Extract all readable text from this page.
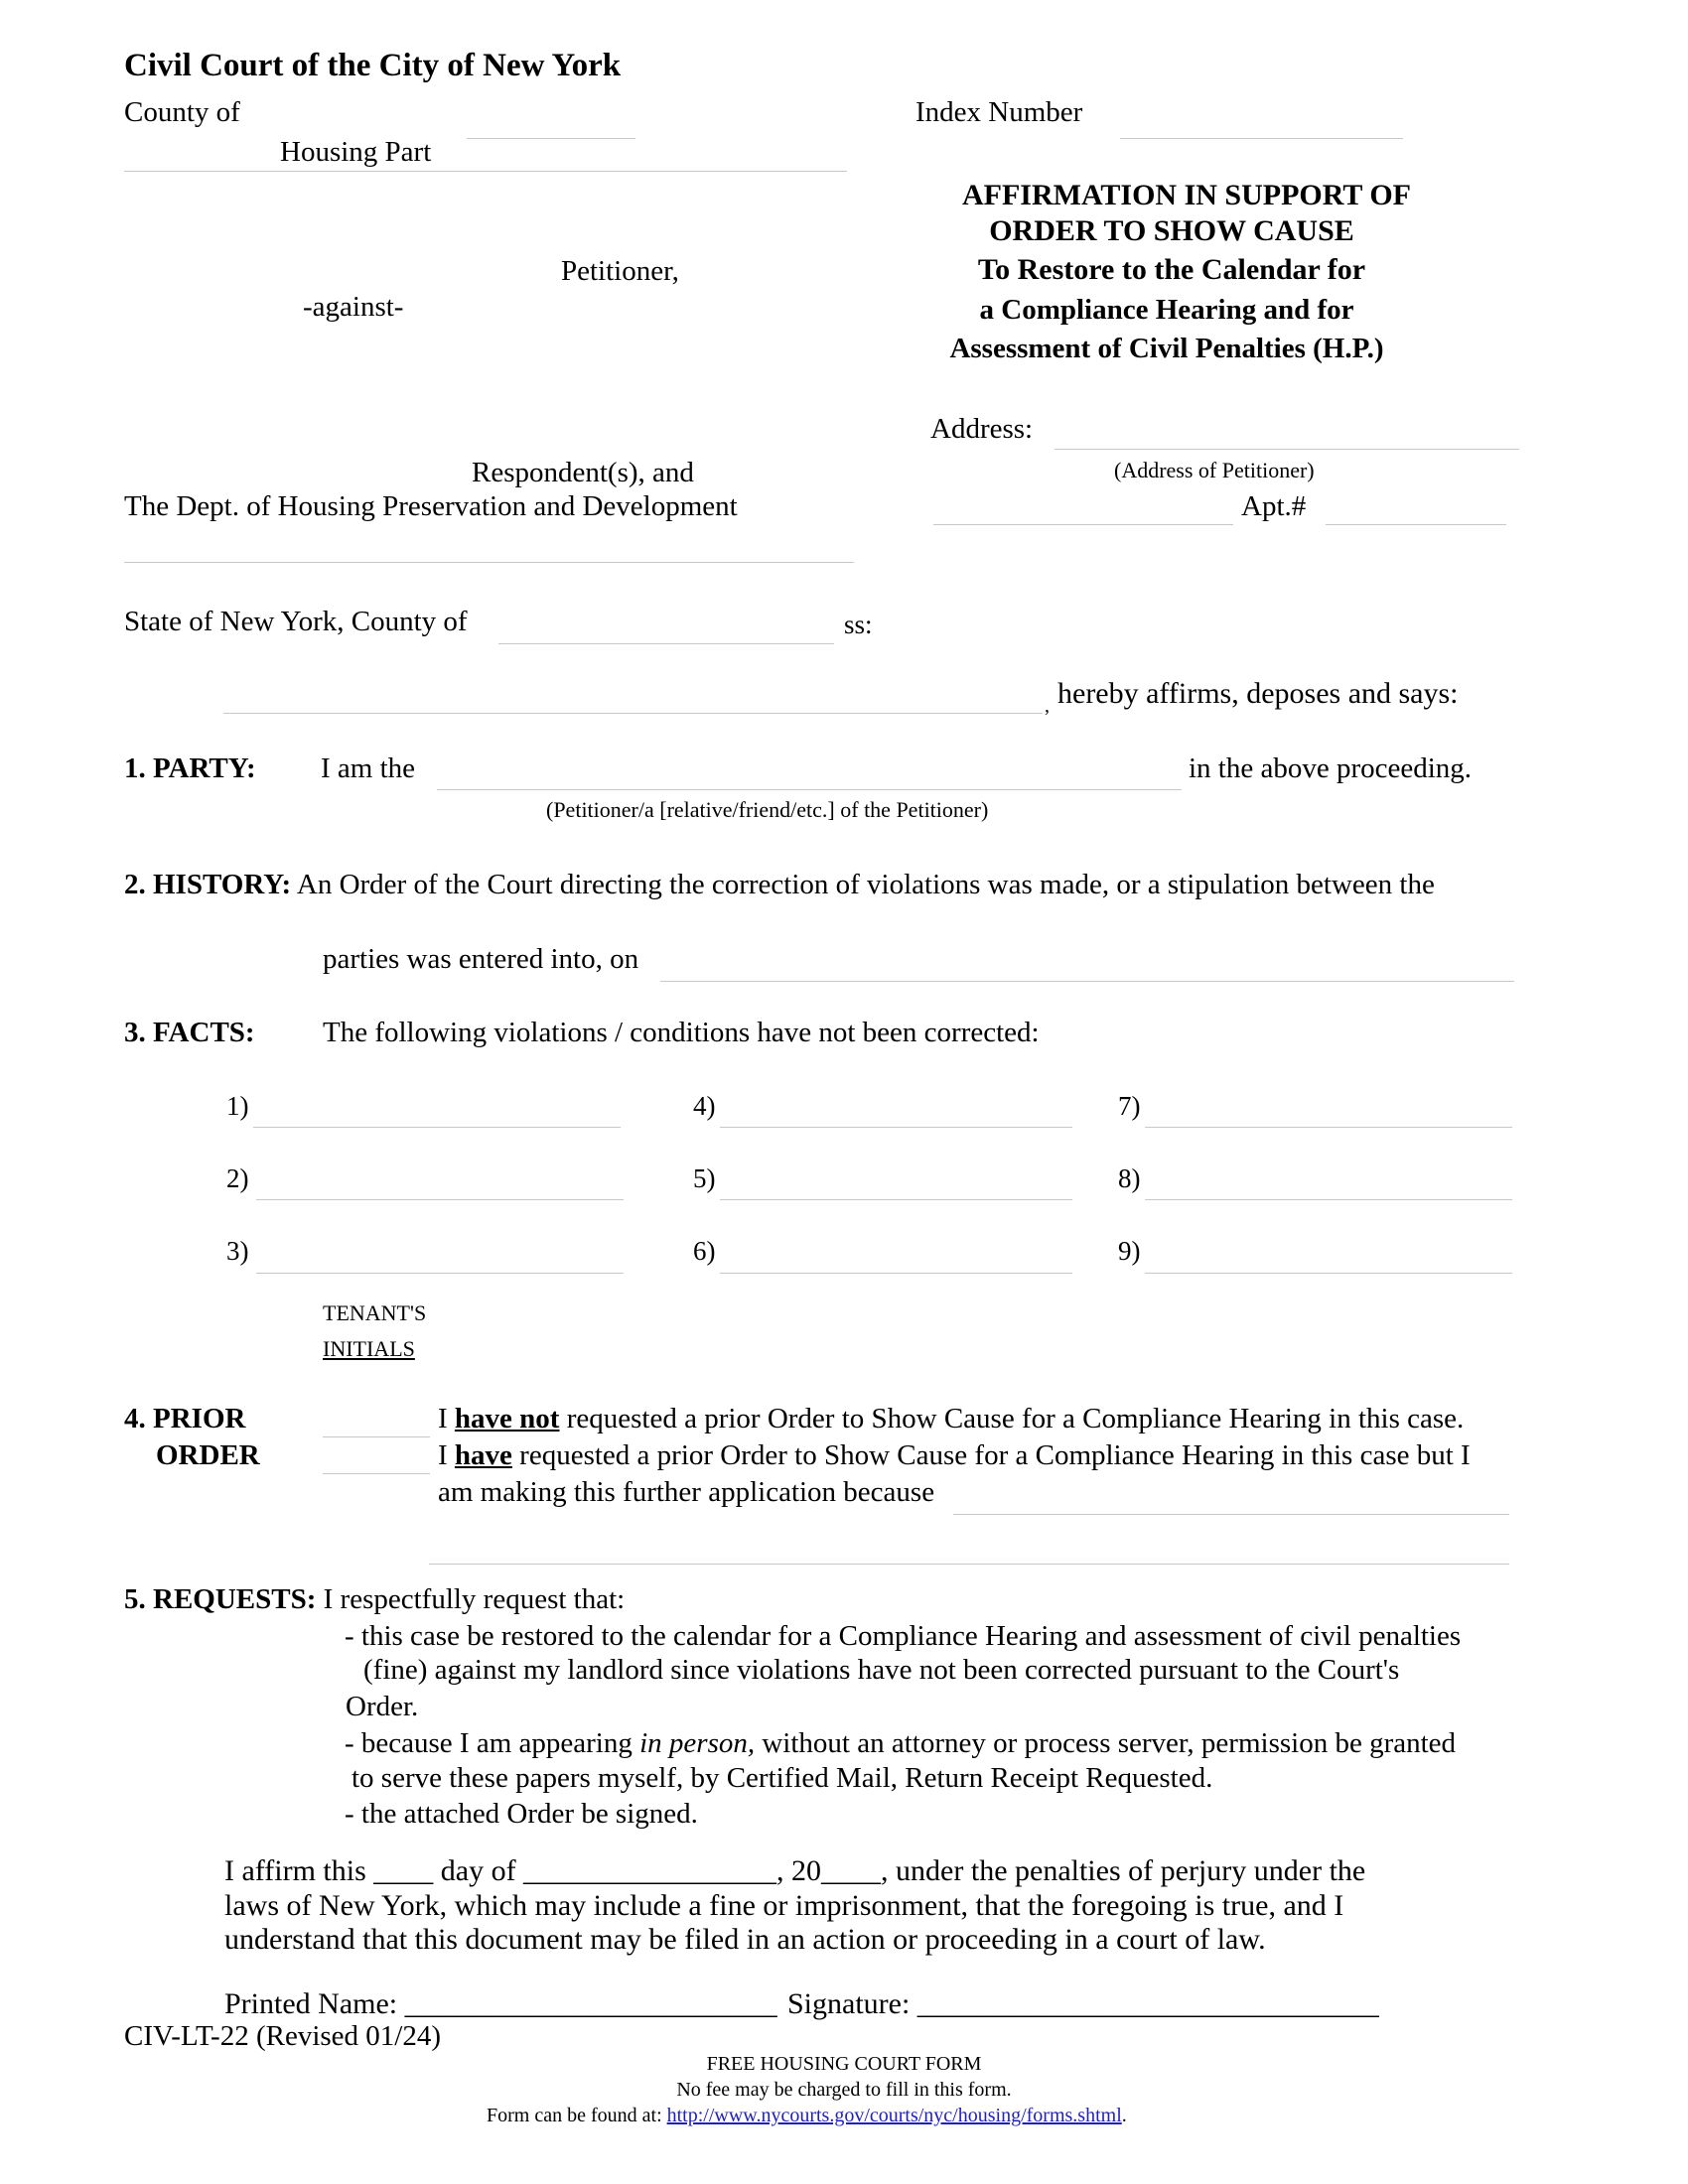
Civil Court of the City of New York
County of	Index Number
Housing Part
Petitioner,
-against-
Respondent(s), and
The Dept. of Housing Preservation and Development
AFFIRMATION IN SUPPORT OF
ORDER TO SHOW CAUSE
To Restore to the Calendar for
a Compliance Hearing and for
Assessment of Civil Penalties (H.P.)
Address:
(Address of Petitioner)
Apt.#
State of New York, County of	ss:
, hereby affirms, deposes and says:
1. PARTY: I am the	in the above proceeding.
(Petitioner/a [relative/friend/etc.] of the Petitioner)
2. HISTORY: An Order of the Court directing the correction of violations was made, or a stipulation between the
parties was entered into, on
3. FACTS: The following violations / conditions have not been corrected:
1)
2)
3)
4)
5)
6)
7)
8)
9)
TENANT'S
INITIALS
4. PRIOR
ORDER
I have not requested a prior Order to Show Cause for a Compliance Hearing in this case.
I have requested a prior Order to Show Cause for a Compliance Hearing in this case but I
am making this further application because
5. REQUESTS: I respectfully request that:
- this case be restored to the calendar for a Compliance Hearing and assessment of civil penalties
(fine) against my landlord since violations have not been corrected pursuant to the Court's
Order.
- because I am appearing in person, without an attorney or process server, permission be granted
to serve these papers myself, by Certified Mail, Return Receipt Requested.
- the attached Order be signed.
I affirm this ____ day of _________________, 20____, under the penalties of perjury under the
laws of New York, which may include a fine or imprisonment, that the foregoing is true, and I
understand that this document may be filed in an action or proceeding in a court of law.
Printed Name: _________________________ Signature: _______________________________
CIV-LT-22 (Revised 01/24)
FREE HOUSING COURT FORM
No fee may be charged to fill in this form.
Form can be found at: http://www.nycourts.gov/courts/nyc/housing/forms.shtml.
